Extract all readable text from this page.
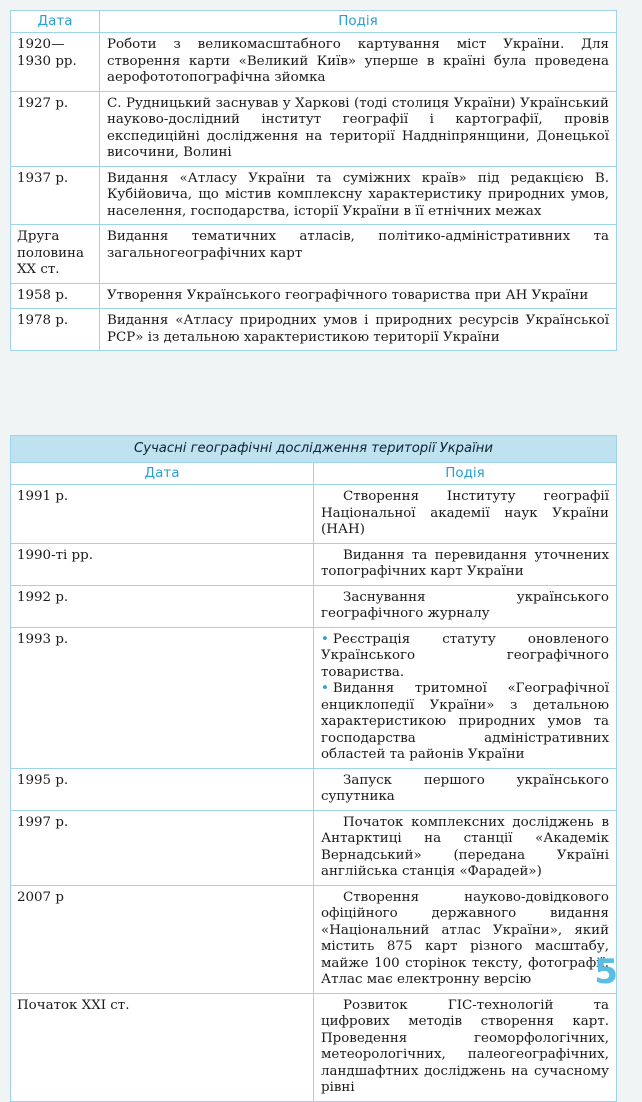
Дата	Подія
1920—
1930 рр.	Роботи з великомасштабного картування міст України. Для створення карти «Великий Київ» уперше в країні була проведена аерофототопографічна зйомка
1927 р.	С. Рудницький заснував у Харкові (тоді столиця України) Український науково-дослідний інститут географії і картографії, провів експедиційні дослідження на території Наддніпрянщини, Донецької височини, Волині
1937 р.	Видання «Атласу України та суміжних країв» під редакцією В. Кубійовича, що містив комплексну характеристику природних умов, населення, господарства, історії України в її етнічних межах
Друга половина XX ст.	Видання тематичних атласів, політико-адміністративних та загальногеографічних карт
1958 р.	Утворення Українського географічного товариства при АН України
1978 р.	Видання «Атласу природних умов і природних ресурсів Української РСР» із детальною характеристикою території України
Сучасні географічні дослідження території України	
Дата	Подія
1991 р.	Створення Інституту географії Національної академії наук України (НАН)
1990-ті рр.	Видання та перевидання уточнених топографічних карт України
1992 р.	Заснування українського географічного журналу
1993 р.	• Реєстрація статуту оновленого Українського географічного товариства.
• Видання тритомної «Географічної енциклопедії України» з детальною характеристикою природних умов та господарства адміністративних областей та районів України

1995 р.	Запуск першого українського супутника
1997 р.	Початок комплексних досліджень в Антарктиці на станції «Академік Вернадський» (передана Україні англійська станція «Фарадей»)
2007 р	Створення науково-довідкового офіційного державного видання «Національний атлас України», який містить 875 карт різного масштабу, майже 100 сторінок тексту, фотографії. Атлас має електронну версію
Початок XXI ст.	Розвиток ГІС-технологій та цифрових методів створення карт. Проведення геоморфологічних, метеорологічних, палеогеографічних, ландшафтних досліджень на сучасному рівні
5
